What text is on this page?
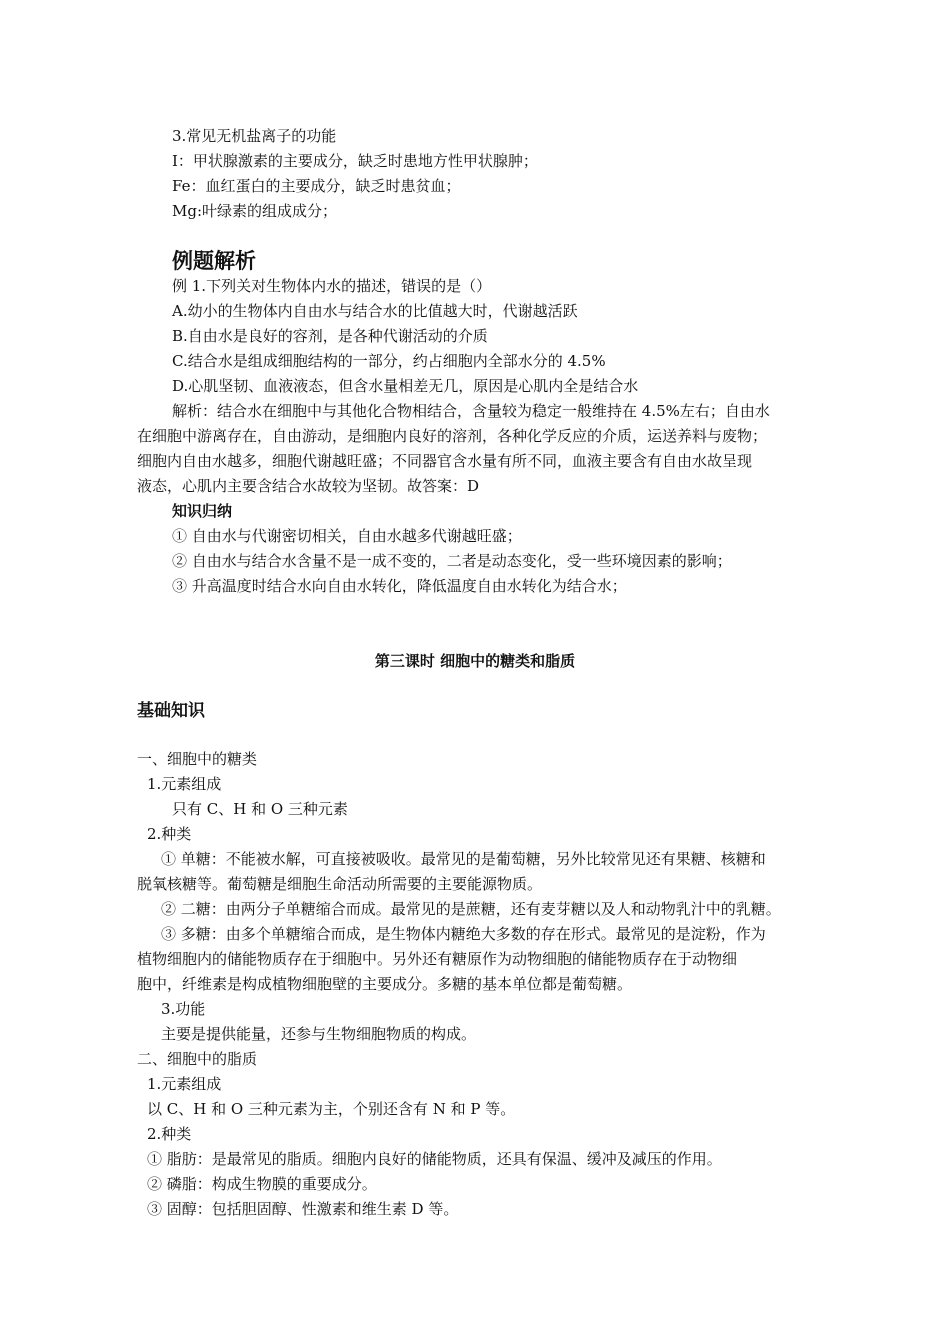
3.常见无机盐离子的功能
I：甲状腺激素的主要成分，缺乏时患地方性甲状腺肿；
Fe：血红蛋白的主要成分，缺乏时患贫血；
Mg:叶绿素的组成成分；
例题解析
例 1.下列关对生物体内水的描述，错误的是（）
A.幼小的生物体内自由水与结合水的比值越大时，代谢越活跃
B.自由水是良好的容剂，是各种代谢活动的介质
C.结合水是组成细胞结构的一部分，约占细胞内全部水分的 4.5%
D.心肌坚韧、血液液态，但含水量相差无几，原因是心肌内全是结合水
解析：结合水在细胞中与其他化合物相结合，含量较为稳定一般维持在 4.5%左右；自由水
在细胞中游离存在，自由游动，是细胞内良好的溶剂，各种化学反应的介质，运送养料与废物；
细胞内自由水越多，细胞代谢越旺盛；不同器官含水量有所不同，血液主要含有自由水故呈现
液态，心肌内主要含结合水故较为坚韧。故答案：D
知识归纳
① 自由水与代谢密切相关，自由水越多代谢越旺盛；
② 自由水与结合水含量不是一成不变的，二者是动态变化，受一些环境因素的影响；
③ 升高温度时结合水向自由水转化，降低温度自由水转化为结合水；
第三课时 细胞中的糖类和脂质
基础知识
一、细胞中的糖类
1.元素组成
只有 C、H 和 O 三种元素
2.种类
① 单糖：不能被水解，可直接被吸收。最常见的是葡萄糖，另外比较常见还有果糖、核糖和
脱氧核糖等。葡萄糖是细胞生命活动所需要的主要能源物质。
② 二糖：由两分子单糖缩合而成。最常见的是蔗糖，还有麦芽糖以及人和动物乳汁中的乳糖。
③ 多糖：由多个单糖缩合而成，是生物体内糖绝大多数的存在形式。最常见的是淀粉，作为
植物细胞内的储能物质存在于细胞中。另外还有糖原作为动物细胞的储能物质存在于动物细
胞中，纤维素是构成植物细胞壁的主要成分。多糖的基本单位都是葡萄糖。
3.功能
主要是提供能量，还参与生物细胞物质的构成。
二、细胞中的脂质
1.元素组成
以 C、H 和 O 三种元素为主，个别还含有 N 和 P 等。
2.种类
① 脂肪：是最常见的脂质。细胞内良好的储能物质，还具有保温、缓冲及减压的作用。
② 磷脂：构成生物膜的重要成分。
③ 固醇：包括胆固醇、性激素和维生素 D 等。
